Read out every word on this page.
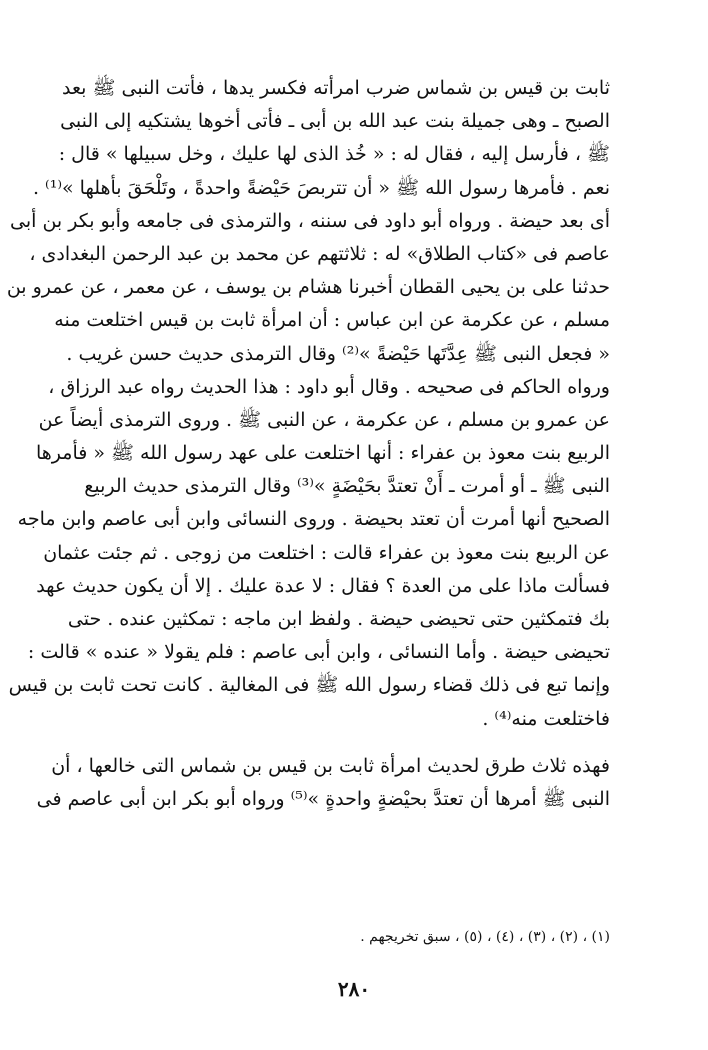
ثابت بن قيس بن شماس ضرب امرأته فكسر يدها ، فأتت النبى ﷺ بعد
الصبح ـ وهى جميلة بنت عبد الله بن أبى ـ فأتى أخوها يشتكيه إلى النبى
ﷺ ، فأرسل إليه ، فقال له : « خُذ الذى لها عليك ، وخل سبيلها » قال :
نعم . فأمرها رسول الله ﷺ « أن تتربصَ حَيْضةً واحدةً ، وتَلْحَقَ بأهلها »⁽¹⁾ .
أى بعد حيضة . ورواه أبو داود فى سننه ، والترمذى فى جامعه وأبو بكر بن أبى
عاصم فى «كتاب الطلاق» له : ثلاثتهم عن محمد بن عبد الرحمن البغدادى ،
حدثنا على بن يحيى القطان أخبرنا هشام بن يوسف ، عن معمر ، عن عمرو بن
مسلم ، عن عكرمة عن ابن عباس : أن امرأة ثابت بن قيس اختلعت منه
« فجعل النبى ﷺ عِدَّتَها حَيْضةً »⁽²⁾ وقال الترمذى حديث حسن غريب .
ورواه الحاكم فى صحيحه . وقال أبو داود : هذا الحديث رواه عبد الرزاق ،
عن عمرو بن مسلم ، عن عكرمة ، عن النبى ﷺ . وروى الترمذى أيضاً عن
الربيع بنت معوذ بن عفراء : أنها اختلعت على عهد رسول الله ﷺ « فأمرها
النبى ﷺ ـ أو أمرت ـ أَنْ تعتدَّ بحَيْضَةٍ »⁽³⁾ وقال الترمذى حديث الربيع
الصحيح أنها أمرت أن تعتد بحيضة . وروى النسائى وابن أبى عاصم وابن ماجه
عن الربيع بنت معوذ بن عفراء قالت : اختلعت من زوجى . ثم جئت عثمان
فسألت ماذا على من العدة ؟ فقال : لا عدة عليك . إلا أن يكون حديث عهد
بك فتمكثين حتى تحيضى حيضة . ولفظ ابن ماجه : تمكثين عنده . حتى
تحيضى حيضة . وأما النسائى ، وابن أبى عاصم : فلم يقولا « عنده » قالت :
وإنما تبع فى ذلك قضاء رسول الله ﷺ فى المغالية . كانت تحت ثابت بن قيس
فاختلعت منه⁽⁴⁾ .
فهذه ثلاث طرق لحديث امرأة ثابت بن قيس بن شماس التى خالعها ، أن
النبى ﷺ أمرها أن تعتدَّ بحيْضةٍ واحدةٍ »⁽⁵⁾ ورواه أبو بكر ابن أبى عاصم فى
(١) ، (٢) ، (٣) ، (٤) ، (٥) ، سبق تخريجهم .
٢٨٠
